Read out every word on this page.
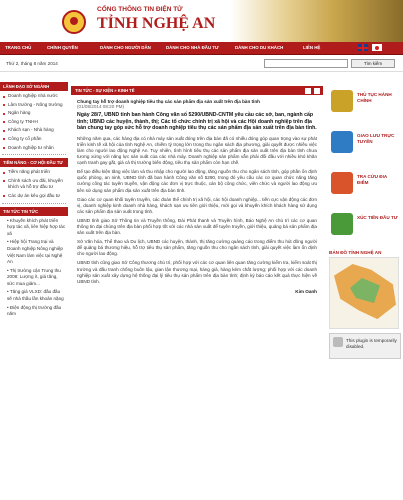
CỔNG THÔNG TIN ĐIỆN TỬ
TỈNH NGHỆ AN
TRANG CHỦ	CHÍNH QUYỀN	DÀNH CHO NGƯỜI DÂN	DÀNH CHO NHÀ ĐẦU TƯ	DÀNH CHO DU KHÁCH	LIÊN HỆ
Thứ 2, tháng 8 năm 2014	Tìm kiếm
LÃNH ĐẠO SỞ NGÀNH
Doanh nghiệp nhà nước
Lâm trường - Nông trường
Ngân hàng
Công ty TNHH
Khách sạn - Nhà hàng
Công ty cổ phần
Doanh nghiệp tư nhân
TIỀM NĂNG - CƠ HỘI ĐẦU TƯ
Tiềm năng phát triển
Chính sách ưu đãi, khuyến khích và hỗ trợ đầu tư
Các dự án kêu gọi đầu tư
TIN TỨC TIN TỨC
• Khuyến khích phát triển hợp tác xã, liên hiệp hợp tác xã
• Hiệp hội Trang trại và Doanh nghiệp Nông nghiệp Việt Nam làm việc tại Nghệ An
• Thị trường cận Trung thu 2008: Lượng ít, giá tăng, sức mua giảm...
• Tăng giá VLXD: đầu đầu sẽ nhà thầu lần khoản nặng
• Điện động thị trường đầu năm
TIN TỨC - SỰ KIỆN » KINH TẾ
Chung tay hỗ trợ doanh nghiệp tiêu thụ các sản phẩm địa sản xuất trên địa bàn tỉnh
(01/08/2014 08:20 PM)
Ngày 28/7, UBND tỉnh ban hành Công văn số 5290/UBND-CNTM yêu cầu các sở, ban, ngành cấp tỉnh; UBND các huyện, thành, thị; Các tổ chức chính trị xã hội và các Hội doanh nghiệp trên địa bàn chung tay góp sức hỗ trợ doanh nghiệp tiêu thụ các sản phẩm địa sản xuất trên địa bàn tỉnh.

Những năm qua, các hàng địa có nhà máy sản xuất đóng trên địa bàn đã có nhiều đóng góp quan trọng vào sự phát triển kinh tế xã hội của tỉnh Nghệ An, chiếm tỷ trọng lớn trong thu ngân sách địa phương, giải quyết được nhiều việc làm cho người lao động Nghệ An. Tuy nhiên, tình hình tiêu thụ các sản phẩm địa sản xuất trên địa bàn tỉnh chưa tương xứng với năng lực sản xuất của các nhà máy. Doanh nghiệp sản phẩm vẫn phải đối đầu với nhiều khó khăn cạnh tranh gay gắt, giá cả thị trường biến động, tiêu thụ sản phẩm còn hạn chế.

Để tạo điều kiện tăng việc làm và thu nhập cho người lao động, tăng nguồn thu cho ngân sách tỉnh, góp phần ổn định quốc phòng, an ninh, UBND tỉnh đã ban hành Công văn số 5290, trong đó yêu cầu các cơ quan chức năng tăng cường công tác tuyên truyền, vận động các đơn vị trực thuộc, cán bộ công chức, viên chức và người lao động ưu tiên sử dụng sản phẩm địa sản xuất trên địa bàn tỉnh.

Giao các cơ quan khối tuyên truyền, các đoàn thể chính trị xã hội, các hội doanh nghiệp... tiến cực vận động các đơn vị, doanh nghiệp kinh doanh nhà hàng, khách sạn ưu tiên giới thiệu, mời gọi và khuyến khích khách hàng sử dụng các sản phẩm địa sản xuất trong tỉnh.

UBND tỉnh giao Sở Thông tin và Truyền thông, Đài Phát thanh và Truyền hình, Báo Nghệ An chủ trì các cơ quan thông tin đại chúng trên địa bàn phối hợp tốt với các nhà sản xuất để tuyên truyền, giới thiệu, quảng bá sản phẩm địa sản xuất trên địa bàn.

Sở Văn hóa, Thể thao và Du lịch, UBND các huyện, thành, thị tăng cường quảng cáo trong điểm thu hút đông người để quảng bá thương hiệu, hỗ trợ tiêu thụ sản phẩm, tăng nguồn thu cho ngân sách tỉnh, giải quyết việc làm ổn định cho người lao động.

UBND tỉnh cũng giao Sở Công thương chủ trì, phối hợp với các cơ quan liên quan tăng cường kiểm tra, kiểm soát thị trường và đấu tranh chống buôn lậu, gian lận thương mại, hàng giả, hàng kém chất lượng; phối hợp với các doanh nghiệp sản xuất xây dựng hệ thống đại lý tiêu thụ sản phẩm trên địa bàn tỉnh; định kỳ báo cáo kết quả thực hiện về UBND tỉnh.

Kim Oanh
THỦ TỤC HÀNH CHÍNH
GIAO LƯU TRỰC TUYẾN
TRA CỨU ĐIA ĐIỂM
XÚC TIẾN ĐẦU TƯ
BẢN ĐỒ TỈNH NGHỆ AN
This plugin is temporarily disabled.
